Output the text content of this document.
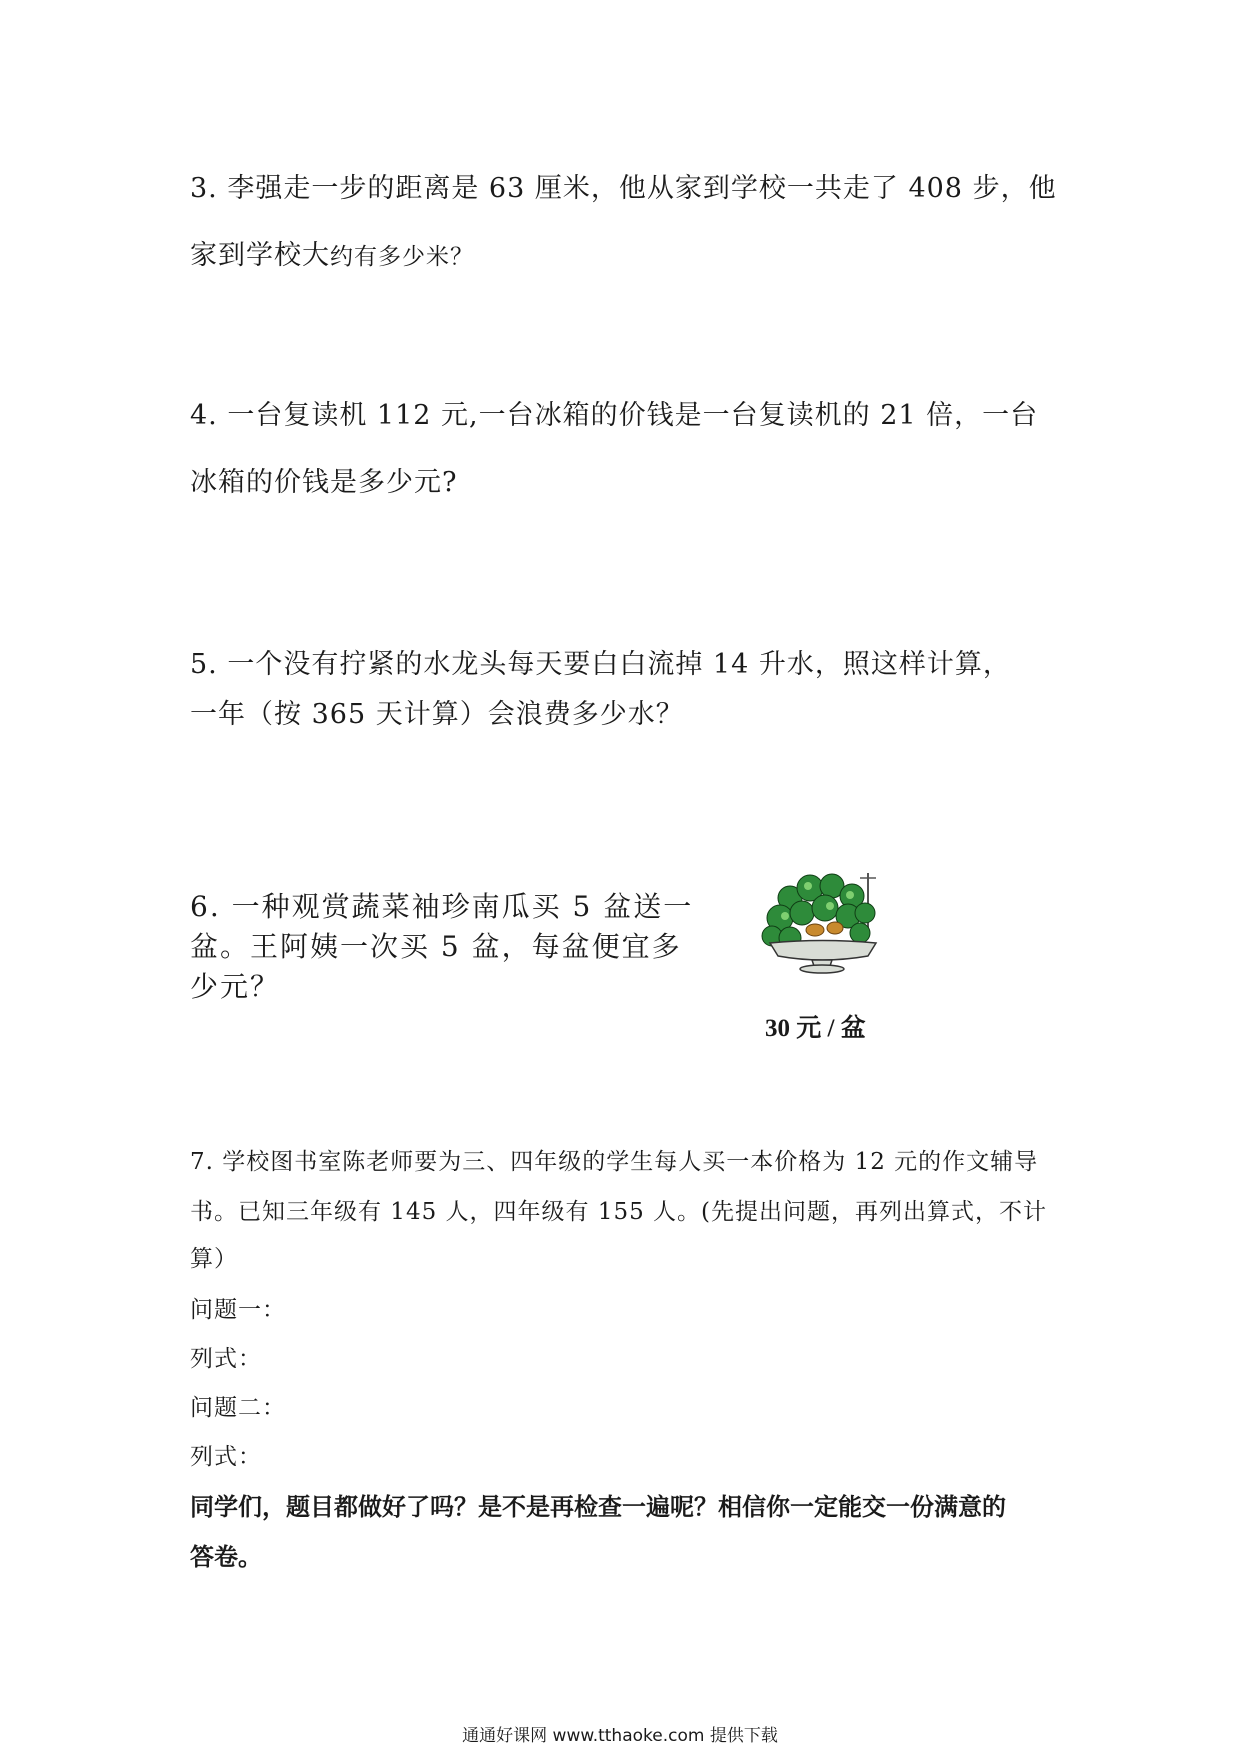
3. 李强走一步的距离是 63 厘米，他从家到学校一共走了 408 步，他
家到学校大约有多少米？
4. 一台复读机 112 元,一台冰箱的价钱是一台复读机的 21 倍，一台
冰箱的价钱是多少元?
5. 一个没有拧紧的水龙头每天要白白流掉 14 升水，照这样计算，
一年（按 365 天计算）会浪费多少水？
6. 一种观赏蔬菜袖珍南瓜买 5 盆送一
盆。王阿姨一次买 5 盆，每盆便宜多
少元？
30 元 / 盆
7. 学校图书室陈老师要为三、四年级的学生每人买一本价格为 12 元的作文辅导
书。已知三年级有 145 人，四年级有 155 人。(先提出问题，再列出算式，不计
算）
问题一：
列式：
问题二：
列式：
同学们，题目都做好了吗？是不是再检查一遍呢？相信你一定能交一份满意的
答卷。
通通好课网 www.tthaoke.com 提供下载
